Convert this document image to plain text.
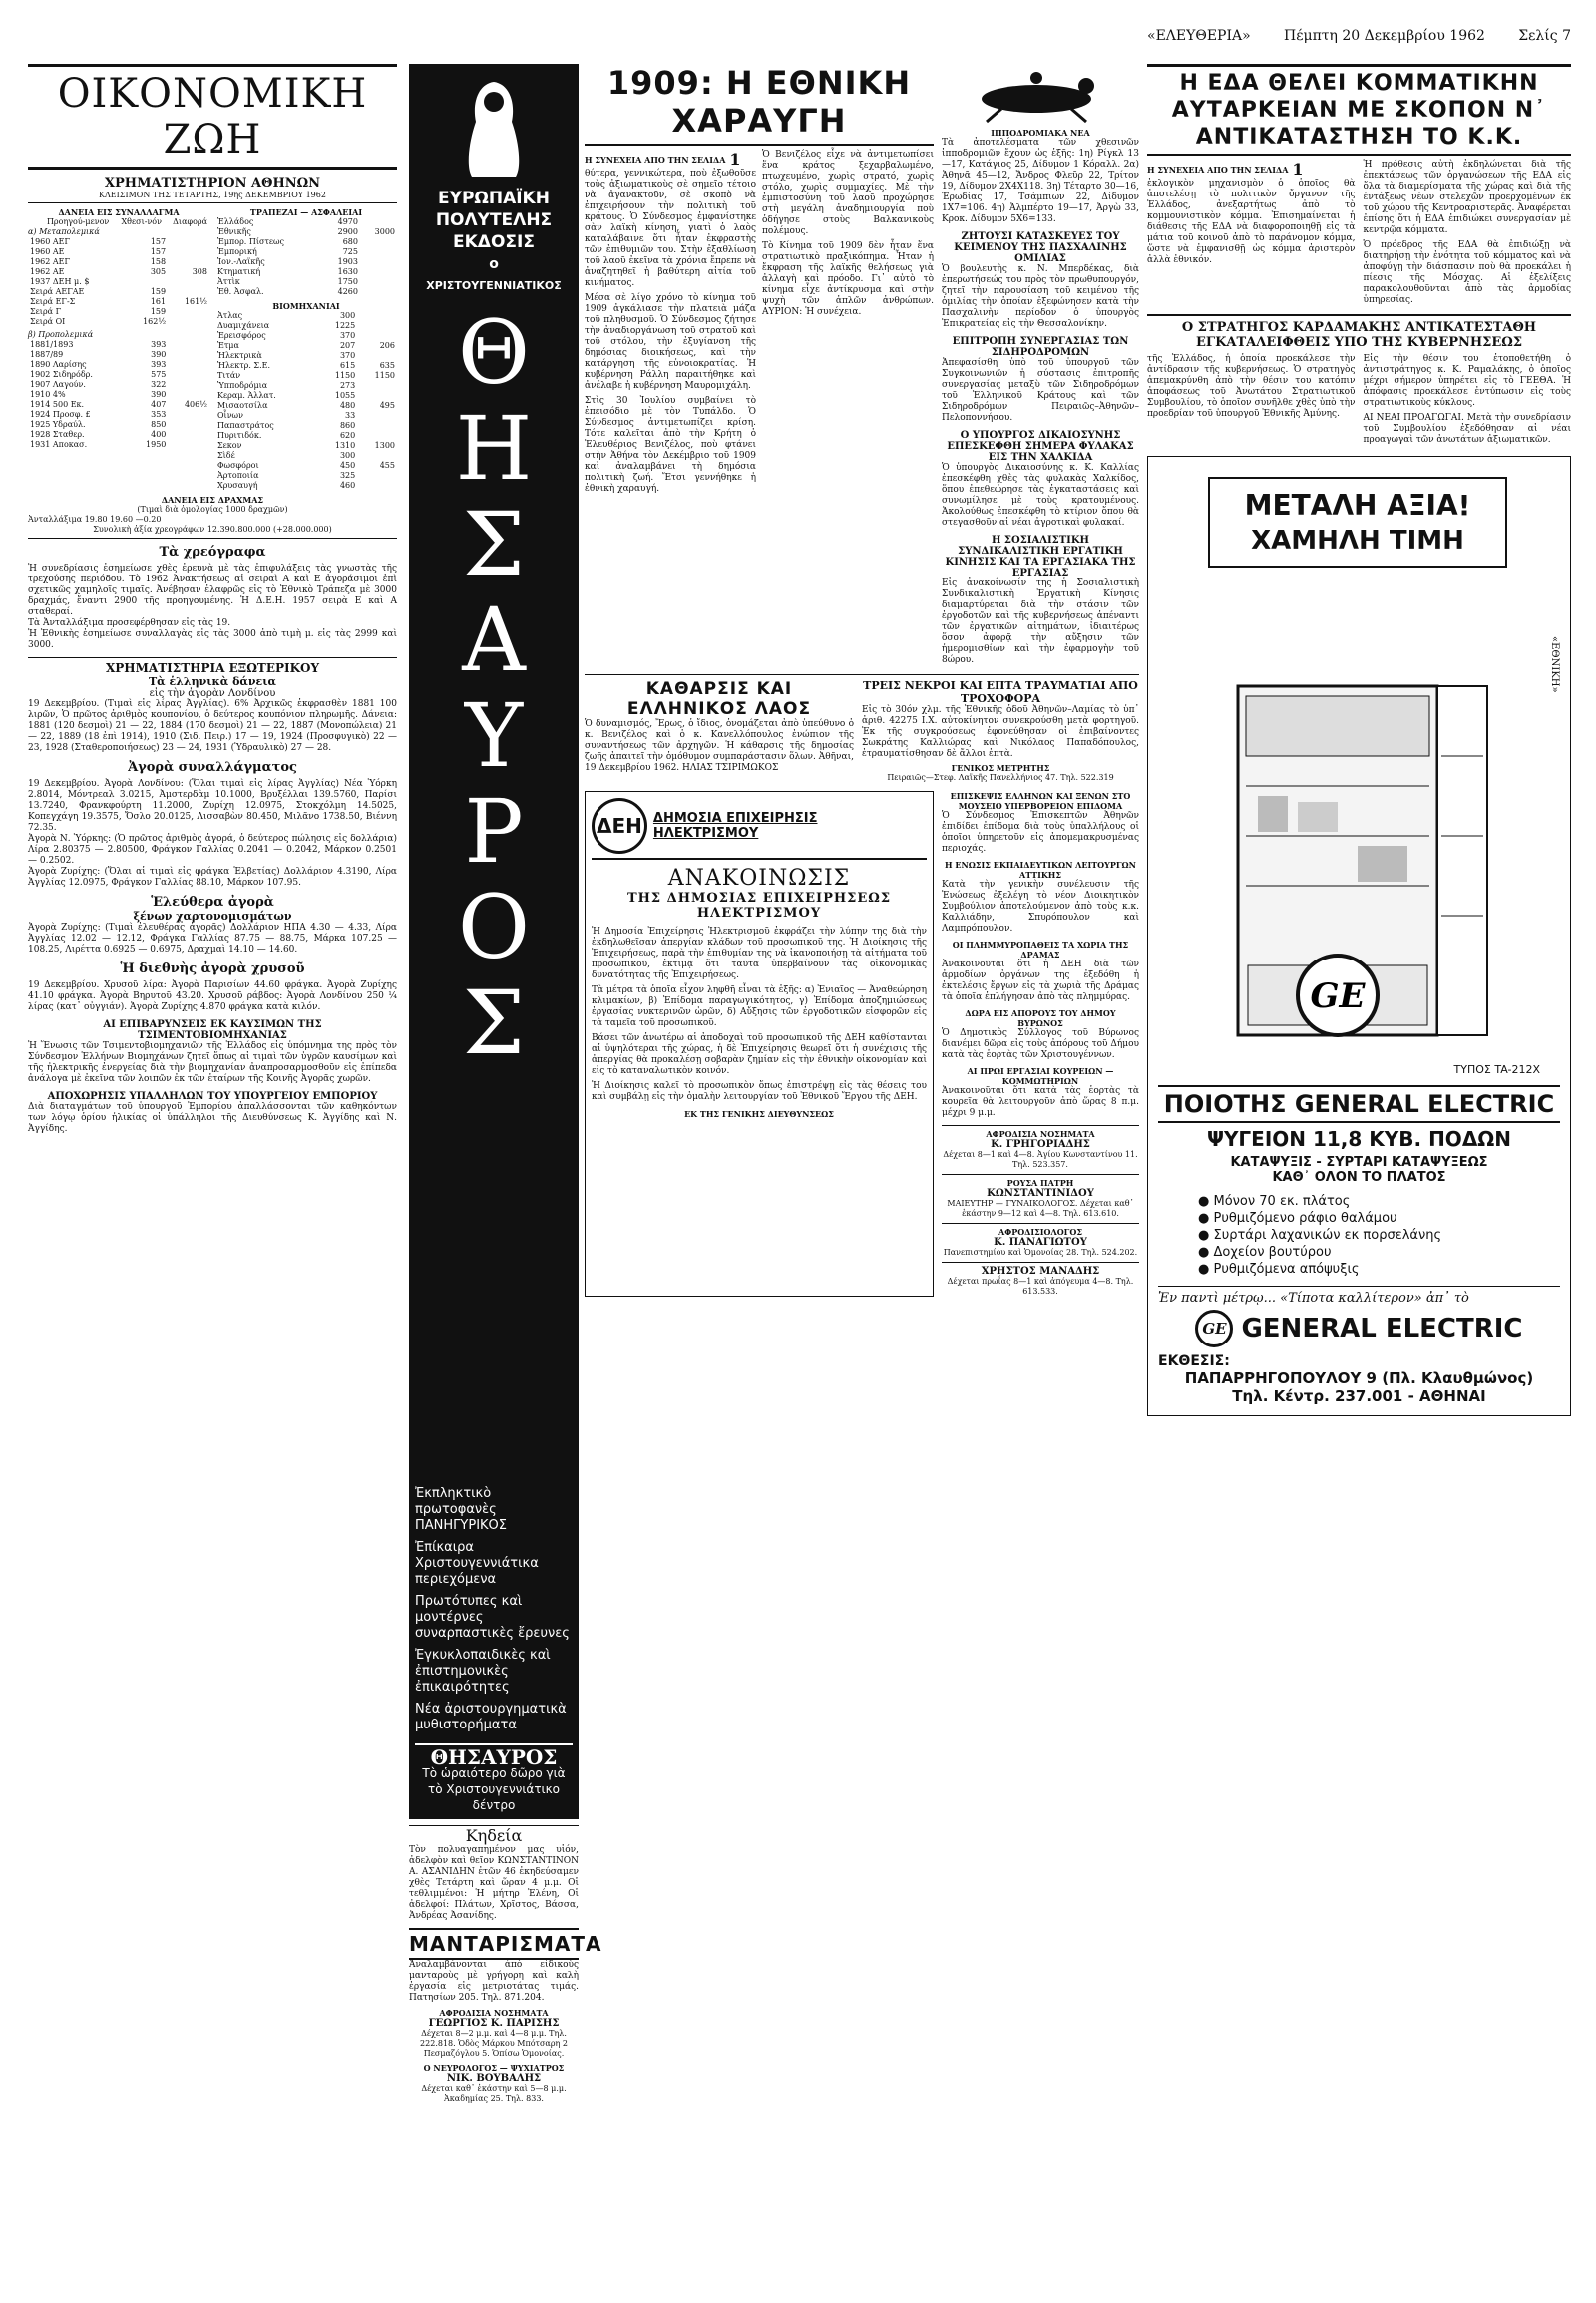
«ΕΛΕΥΘΕΡΙΑ» Πέμπτη 20 Δεκεμβρίου 1962 Σελίς 7
ΟΙΚΟΝΟΜΙΚΗ ΖΩΗ
ΧΡΗΜΑΤΙΣΤΗΡΙΟΝ ΑΘΗΝΩΝ
ΚΛΕΙΣΙΜΟΝ ΤΗΣ ΤΕΤΑΡΤΗΣ, 19ης ΔΕΚΕΜΒΡΙΟΥ 1962
ΔΑΝΕΙΑ ΕΙΣ ΣΥΝΑΛΛΑΓΜΑ
	Προηγού-μενον	Χθεσι-νόν	Διαφορά
α) Μεταπολεμικά
1960 ΑΕΓ	157	
1960 ΑΕ	157	
1962 ΑΕΓ	158	
1962 ΑΕ	305	308
1937 ΔΕΗ μ. $		
Σειρά ΑΕΓΑΕ	159	
Σειρά ΕΓ-Σ	161	161½
Σειρά Γ	159	
Σειρά ΟΙ	162½	
β) Προπολεμικά
1881/1893	393	
1887/89	390	
1890 Λαρίσης	393	
1902 Σιδηρόδρ.	575	
1907 Λαγούν.	322	
1910 4%	390	
1914 500 Εκ.	407	406½
1924 Προσφ. £	353	
1925 Υδραύλ.	850	
1928 Σταθερ.	400	
1931 Αποκασ.	1950	
ΤΡΑΠΕΖΑΙ — ΑΣΦΑΛΕΙΑΙ
Ἑλλάδος	4970	
Ἐθνικῆς	2900	3000
Ἐμπορ. Πίστεως	680	
Ἐμπορική	725	
Ἰον.-Λαϊκῆς	1903	
Κτηματική	1630	
Ἀττὶκ	1750	
Ἐθ. Ἀσφαλ.	4260	
ΒΙΟΜΗΧΑΝΙΑΙ
Ἀτλας	300	
Δυαμιχάνεια	1225	
Ἐρεισφόρος	370	
Ἐτμα	207	206
Ἡλεκτρικὰ	370	
Ἠλεκτρ. Σ.Ε.	615	635
Τιτάν	1150	1150
Ὑπποδρόμια	273	
Κεραμ. Ἀλλατ.	1055	
Μισαοτσίλα	480	495
Οἶνων	33	
Παπαστράτος	860	
Πυριτιδόκ.	620	
Σεκον	1310	1300
Σὶδέ	300	
Φωσφόροι	450	455
Ἀρτοποιία	325	
Χρυσαυγή	460	
ΔΑΝΕΙΑ ΕΙΣ ΔΡΑΧΜΑΣ
(Τιμαὶ διὰ ὁμολογίας 1000 δραχμῶν)
Ἀνταλλάξιμα 19.80 19.60 —0.20
Συνολικὴ ἀξία χρεογράφων 12.390.800.000 (+28.000.000)
Τὰ χρεόγραφα

Ἡ συνεδρίασις ἐσημείωσε χθὲς ἐρευνὰ μὲ τὰς ἐπιφυλάξεις τὰς γνωστὰς τῆς τρεχούσης περιόδου. Τὸ 1962 Ἀνακτήσεως αἱ σειραὶ Α καὶ Ε ἀγοράσιμοι ἐπὶ σχετικῶς χαμηλοῖς τιμαῖς. Ἀνέβησαν ἐλαφρῶς εἰς τὸ Ἐθνικὸ Τράπεζα μὲ 3000 δραχμάς, ἔναντι 2900 τῆς προηγουμένης. Ἡ Δ.Ε.Η. 1957 σειρὰ Ε καὶ Α σταθεραί.

Τὰ Ἀνταλλάξιμα προσεφέρθησαν εἰς τὰς 19.

Ἡ Ἐθνικὴς ἐσημείωσε συναλλαγὰς εἰς τὰς 3000 ἀπὸ τιμὴ μ. εἰς τὰς 2999 καὶ 3000.

ΧΡΗΜΑΤΙΣΤΗΡΙΑ ΕΞΩΤΕΡΙΚΟΥ
Τὰ ἑλληνικὰ δάνεια
εἰς τὴν ἀγορὰν Λονδίνου

19 Δεκεμβρίου. (Τιμαὶ εἰς λίρας Ἀγγλίας). 6% Ἀρχικῶς ἐκφρασθὲν 1881 100 λιρῶν, Ὁ πρῶτος ἀριθμὸς κουπονίου, ὁ δεύτερος κουπόνιον πληρωμῆς. Δάνεια: 1881 (120 δεσμοὶ) 21 — 22, 1884 (170 δεσμοὶ) 21 — 22, 1887 (Μονοπώλεια) 21 — 22, 1889 (18 ἐπὶ 1914), 1910 (Σιδ. Πειρ.) 17 — 19, 1924 (Προσφυγικὸ) 22 — 23, 1928 (Σταθεροποιήσεως) 23 — 24, 1931 (Ὑδραυλικὸ) 27 — 28.

Ἀγορὰ συναλλάγματος

19 Δεκεμβρίου. Ἀγορὰ Λονδίνου: (Ὅλαι τιμαὶ εἰς λίρας Ἀγγλίας) Νέα Ὑόρκη 2.8014, Μόντρεαλ 3.0215, Ἀμστερδὰμ 10.1000, Βρυξέλλαι 139.5760, Παρίσι 13.7240, Φρανκφούρτη 11.2000, Ζυρίχη 12.0975, Στοκχόλμη 14.5025, Κοπεγχάγη 19.3575, Ὄσλο 20.0125, Λισσαβὼν 80.450, Μιλᾶνο 1738.50, Βιέννη 72.35.

Ἀγορὰ Ν. Ὑόρκης: (Ὁ πρῶτος ἀριθμὸς ἀγορά, ὁ δεύτερος πώλησις εἰς δολλάρια) Λίρα 2.80375 — 2.80500, Φράγκον Γαλλίας 0.2041 — 0.2042, Μάρκον 0.2501 — 0.2502.

Ἀγορὰ Ζυρίχης: (Ὅλαι αἱ τιμαὶ εἰς φράγκα Ἑλβετίας) Δολλάριον 4.3190, Λίρα Ἀγγλίας 12.0975, Φράγκον Γαλλίας 88.10, Μάρκον 107.95.

Ἑλεύθερα ἀγορὰ
ξένων χαρτονομισμάτων

Ἀγορὰ Ζυρίχης: (Τιμαὶ ἐλευθέρας ἀγορᾶς) Δολλάριον ΗΠΑ 4.30 — 4.33, Λίρα Ἀγγλίας 12.02 — 12.12, Φράγκα Γαλλίας 87.75 — 88.75, Μάρκα 107.25 — 108.25, Λιρέττα 0.6925 — 0.6975, Δραχμαὶ 14.10 — 14.60.

Ἡ διεθνὴς ἀγορὰ χρυσοῦ

19 Δεκεμβρίου. Χρυσοῦ λίρα: Ἀγορὰ Παρισίων 44.60 φράγκα. Ἀγορὰ Ζυρίχης 41.10 φράγκα. Ἀγορὰ Βηρυτοῦ 43.20. Χρυσοῦ ράβδος: Ἀγορὰ Λονδίνου 250 ¼ λίρας (κατ᾽ οὐγγιάν). Ἀγορὰ Ζυρίχης 4.870 φράγκα κατὰ κιλόν.

ΑΙ ΕΠΙΒΑΡΥΝΣΕΙΣ ΕΚ ΚΑΥΣΙΜΩΝ ΤΗΣ ΤΣΙΜΕΝΤΟΒΙΟΜΗΧΑΝΙΑΣ

Ἡ Ἕνωσις τῶν Τσιμεντοβιομηχανιῶν τῆς Ἑλλάδος εἰς ὑπόμνημα της πρὸς τὸν Σύνδεσμον Ἑλλήνων Βιομηχάνων ζητεῖ ὅπως αἱ τιμαὶ τῶν ὑγρῶν καυσίμων καὶ τῆς ἠλεκτρικῆς ἐνεργείας διὰ τὴν βιομηχανίαν ἀναπροσαρμοσθοῦν εἰς ἐπίπεδα ἀνάλογα μὲ ἐκεῖνα τῶν λοιπῶν ἐκ τῶν ἑταίρων τῆς Κοινῆς Ἀγορᾶς χωρῶν.

ΑΠΟΧΩΡΗΣΙΣ ΥΠΑΛΛΗΛΩΝ ΤΟΥ ΥΠΟΥΡΓΕΙΟΥ ΕΜΠΟΡΙΟΥ

Διὰ διαταγμάτων τοῦ ὑπουργοῦ Ἐμπορίου ἀπαλλάσσονται τῶν καθηκόντων των λόγῳ ὁρίου ἡλικίας οἱ ὑπάλληλοι τῆς Διευθύνσεως Κ. Ἀγγίδης καὶ Ν. Ἀγγίδης.

ΕΥΡΩΠΑΪΚΗ
ΠΟΛΥΤΕΛΗΣ
ΕΚΔΟΣΙΣ
ο
ΧΡΙΣΤΟΥΓΕΝΝΙΑΤΙΚΟΣ
Θ
Η
Σ
Α
Υ
Ρ
Ο
Σ
Ἐκπληκτικὸ πρωτοφανὲς ΠΑΝΗΓΥΡΙΚΟΣ
Ἐπίκαιρα Χριστουγεννιάτικα περιεχόμενα
Πρωτότυπες καὶ μοντέρνες συναρπαστικὲς ἔρευνες
Ἐγκυκλοπαιδικὲς καὶ ἐπιστημονικὲς ἐπικαιρότητες
Νέα ἀριστουργηματικὰ μυθιστορήματα
ΘΗΣΑΥΡΟΣ
Τὸ ὡραιότερο δῶρο γιὰ τὸ Χριστουγεννιάτικο δέντρο
Κηδεία

Τὸν πολυαγαπημένον μας υἱόν, ἀδελφὸν καὶ θεῖον ΚΩΝΣΤΑΝΤΙΝΟΝ Α. ΑΣΑΝΙΔΗΝ ἐτῶν 46 ἐκηδεύσαμεν χθὲς Τετάρτη καὶ ὥραν 4 μ.μ. Οἱ τεθλιμμένοι: Ἡ μήτηρ Ἐλένη, Οἱ ἀδελφοί: Πλάτων, Χρῖστος, Βάσσα, Ἀνδρέας Ἀσανίδης.

ΜΑΝΤΑΡΙΣΜΑΤΑ

Ἀναλαμβάνονται ἀπὸ εἰδικοὺς μανταροὺς μὲ γρήγορη καὶ καλὴ ἐργασία εἰς μετριοτάτας τιμάς. Πατησίων 205. Τηλ. 871.204.

ΑΦΡΟΔΙΣΙΑ ΝΟΣΗΜΑΤΑ
ΓΕΩΡΓΙΟΣ Κ. ΠΑΡΙΣΗΣ

Δέχεται 8—2 μ.μ. καὶ 4—8 μ.μ. Τηλ. 222.818. Ὁδὸς Μάρκου Μπότσαρη 2 Πεσμαζόγλου 5. Ὁπίσω Ὁμονοίας.

Ο ΝΕΥΡΟΛΟΓΟΣ — ΨΥΧΙΑΤΡΟΣ
ΝΙΚ. ΒΟΥΒΑΛΗΣ

Δέχεται καθ᾽ ἑκάστην καὶ 5—8 μ.μ. Ἀκαδημίας 25. Τηλ. 833.

1909: Η ΕΘΝΙΚΗ ΧΑΡΑΥΓΗ
Η ΣΥΝΕΧΕΙΑ ΑΠΟ ΤΗΝ ΣΕΛΙΔΑ 1

θύτερα, γεννικώτερα, ποὺ ἐξωθοῦσε τοὺς ἀξιωματικοὺς σὲ σημεῖο τέτοιο νὰ ἀγανακτοῦν, σὲ σκοπὸ νὰ ἐπιχειρήσουν τὴν πολιτικὴ τοῦ κράτους. Ὁ Σύνδεσμος ἐμφανίστηκε σὰν λαϊκὴ κίνηση, γιατὶ ὁ λαὸς καταλάβαινε ὅτι ἦταν ἐκφραστὴς τῶν ἐπιθυμιῶν του. Στὴν ἐξαθλίωση τοῦ λαοῦ ἐκεῖνα τὰ χρόνια ἔπρεπε νὰ ἀναζητηθεῖ ἡ βαθύτερη αἰτία τοῦ κινήματος.

Μέσα σὲ λίγο χρόνο τὸ κίνημα τοῦ 1909 ἀγκάλιασε τὴν πλατειὰ μάζα τοῦ πληθυσμοῦ. Ὁ Σύνδεσμος ζήτησε τὴν ἀναδιοργάνωση τοῦ στρατοῦ καὶ τοῦ στόλου, τὴν ἐξυγίανση τῆς δημόσιας διοικήσεως, καὶ τὴν κατάργηση τῆς εὐνοιοκρατίας. Ἡ κυβέρνηση Ράλλη παραιτήθηκε καὶ ἀνέλαβε ἡ κυβέρνηση Μαυρομιχάλη.

Στὶς 30 Ἰουλίου συμβαίνει τὸ ἐπεισόδιο μὲ τὸν Τυπάλδο. Ὁ Σύνδεσμος ἀντιμετωπίζει κρίση. Τότε καλεῖται ἀπὸ τὴν Κρήτη ὁ Ἐλευθέριος Βενιζέλος, ποὺ φτάνει στὴν Ἀθήνα τὸν Δεκέμβριο τοῦ 1909 καὶ ἀναλαμβάνει τὴ δημόσια πολιτικὴ ζωή. Ἔτσι γεννήθηκε ἡ ἐθνικὴ χαραυγή.

Ὁ Βενιζέλος εἶχε νὰ ἀντιμετωπίσει ἕνα κράτος ξεχαρβαλωμένο, πτωχευμένο, χωρὶς στρατό, χωρὶς στόλο, χωρὶς συμμαχίες. Μὲ τὴν ἐμπιστοσύνη τοῦ λαοῦ προχώρησε στὴ μεγάλη ἀναδημιουργία ποὺ ὁδήγησε στοὺς Βαλκανικοὺς πολέμους.

Τὸ Κίνημα τοῦ 1909 δὲν ἦταν ἕνα στρατιωτικὸ πραξικόπημα. Ἦταν ἡ ἔκφραση τῆς λαϊκῆς θελήσεως γιὰ ἀλλαγὴ καὶ πρόοδο. Γι᾽ αὐτὸ τὸ κίνημα εἶχε ἀντίκρυσμα καὶ στὴν ψυχὴ τῶν ἀπλῶν ἀνθρώπων. ΑΥΡΙΟΝ: Ἡ συνέχεια.

ΙΠΠΟΔΡΟΜΙΑΚΑ ΝΕΑ

Τὰ ἀποτελέσματα τῶν χθεσινῶν ἱπποδρομιῶν ἔχουν ὡς ἑξῆς: 1η) Ρίγκλ 13—17, Κατάγιος 25, Δίδυμον 1 Κόραλλ. 2α) Ἀθηνᾶ 45—12, Ἄνδρος Φλεῦρ 22, Τρίτον 19, Δίδυμον 2Χ4Χ118. 3η) Τέταρτο 30—16, Ἐρωδίας 17, Τσάμπιων 22, Δίδυμον 1Χ7=106. 4η) Ἀλμπέρτο 19—17, Ἀργὼ 33, Κροκ. Δίδυμον 5Χ6=133.

ΖΗΤΟΥΣΙ ΚΑΤΑΣΚΕΥΕΣ ΤΟΥ ΚΕΙΜΕΝΟΥ ΤΗΣ ΠΑΣΧΑΛΙΝΗΣ ΟΜΙΛΙΑΣ

Ὁ βουλευτὴς κ. Ν. Μπερδέκας, διὰ ἐπερωτήσεώς του πρὸς τὸν πρωθυπουργόν, ζητεῖ τὴν παρουσίαση τοῦ κειμένου τῆς ὁμιλίας τὴν ὁποίαν ἐξεφώνησεν κατὰ τὴν Πασχαλινὴν περίοδον ὁ ὑπουργὸς Ἐπικρατείας εἰς τὴν Θεσσαλονίκην.

ΕΠΙΤΡΟΠΗ ΣΥΝΕΡΓΑΣΙΑΣ ΤΩΝ ΣΙΔΗΡΟΔΡΟΜΩΝ

Ἀπεφασίσθη ὑπὸ τοῦ ὑπουργοῦ τῶν Συγκοινωνιῶν ἡ σύστασις ἐπιτροπῆς συνεργασίας μεταξὺ τῶν Σιδηροδρόμων τοῦ Ἑλληνικοῦ Κράτους καὶ τῶν Σιδηροδρόμων Πειραιῶς–Ἀθηνῶν–Πελοποννήσου.

Ο ΥΠΟΥΡΓΟΣ ΔΙΚΑΙΟΣΥΝΗΣ ΕΠΕΣΚΕΦΘΗ ΣΗΜΕΡΑ ΦΥΛΑΚΑΣ ΕΙΣ ΤΗΝ ΧΑΛΚΙΔΑ

Ὁ ὑπουργὸς Δικαιοσύνης κ. Κ. Καλλίας ἐπεσκέφθη χθὲς τὰς φυλακὰς Χαλκίδος, ὅπου ἐπεθεώρησε τὰς ἐγκαταστάσεις καὶ συνωμίλησε μὲ τοὺς κρατουμένους. Ἀκολούθως ἐπεσκέφθη τὸ κτίριον ὅπου θὰ στεγασθοῦν αἱ νέαι ἀγροτικαὶ φυλακαί.

Η ΣΟΣΙΑΛΙΣΤΙΚΗ ΣΥΝΔΙΚΑΛΙΣΤΙΚΗ ΕΡΓΑΤΙΚΗ ΚΙΝΗΣΙΣ ΚΑΙ ΤΑ ΕΡΓΑΣΙΑΚΑ ΤΗΣ ΕΡΓΑΣΙΑΣ

Εἰς ἀνακοίνωσίν της ἡ Σοσιαλιστικὴ Συνδικαλιστικὴ Ἐργατικὴ Κίνησις διαμαρτύρεται διὰ τὴν στάσιν τῶν ἐργοδοτῶν καὶ τῆς κυβερνήσεως ἀπέναντι τῶν ἐργατικῶν αἰτημάτων, ἰδιαιτέρως ὅσον ἀφορᾷ τὴν αὔξησιν τῶν ἡμερομισθίων καὶ τὴν ἐφαρμογὴν τοῦ 8ώρου.

ΚΑΘΑΡΣΙΣ ΚΑΙ ΕΛΛΗΝΙΚΟΣ ΛΑΟΣ

Ὁ δυναμισμός, Ἔρως, ὁ ἴδιος, ὀνομάζεται ἀπὸ ὑπεύθυνο ὁ κ. Βενιζέλος καὶ ὁ κ. Κανελλόπουλος ἐνώπιον τῆς συναντήσεως τῶν ἀρχηγῶν. Ἡ κάθαρσις τῆς δημοσίας ζωῆς ἀπαιτεῖ τὴν ὁμόθυμον συμπαράστασιν ὅλων. Ἀθῆναι, 19 Δεκεμβρίου 1962. ΗΛΙΑΣ ΤΣΙΡΙΜΩΚΟΣ

ΤΡΕΙΣ ΝΕΚΡΟΙ ΚΑΙ ΕΠΤΑ ΤΡΑΥΜΑΤΙΑΙ ΑΠΟ ΤΡΟΧΟΦΟΡΑ

Εἰς τὸ 30όν χλμ. τῆς Ἐθνικῆς ὁδοῦ Ἀθηνῶν–Λαμίας τὸ ὑπ᾽ ἀριθ. 42275 Ι.Χ. αὐτοκίνητον συνεκρούσθη μετὰ φορτηγοῦ. Ἐκ τῆς συγκρούσεως ἐφονεύθησαν οἱ ἐπιβαίνοντες Σωκράτης Καλλιώρας καὶ Νικόλαος Παπαδόπουλος, ἐτραυματίσθησαν δὲ ἄλλοι ἑπτὰ.

ΓΕΝΙΚΟΣ ΜΕΤΡΗΤΗΣ
Πειραιῶς—Στεφ. Λαϊκῆς Πανελλήνιος 47. Τηλ. 522.319
ΔΕΗ ΔΗΜΟΣΙΑ ΕΠΙΧΕΙΡΗΣΙΣ ΗΛΕΚΤΡΙΣΜΟΥ
ΑΝΑΚΟΙΝΩΣΙΣ
ΤΗΣ ΔΗΜΟΣΙΑΣ ΕΠΙΧΕΙΡΗΣΕΩΣ ΗΛΕΚΤΡΙΣΜΟΥ

Ἡ Δημοσία Ἐπιχείρησις Ἠλεκτρισμοῦ ἐκφράζει τὴν λύπην της διὰ τὴν ἐκδηλωθεῖσαν ἀπεργίαν κλάδων τοῦ προσωπικοῦ της. Ἡ Διοίκησις τῆς Ἐπιχειρήσεως, παρὰ τὴν ἐπιθυμίαν της νὰ ἱκανοποιήσῃ τὰ αἰτήματα τοῦ προσωπικοῦ, ἐκτιμᾷ ὅτι ταῦτα ὑπερβαίνουν τὰς οἰκονομικὰς δυνατότητας τῆς Ἐπιχειρήσεως.

Τὰ μέτρα τὰ ὁποῖα εἶχον ληφθῆ εἶναι τὰ ἑξῆς: α) Ἐνιαῖος — Ἀναθεώρηση κλιμακίων, β) Ἐπίδομα παραγωγικότητος, γ) Ἐπίδομα ἀποζημιώσεως ἐργασίας νυκτερινῶν ὡρῶν, δ) Αὔξησις τῶν ἐργοδοτικῶν εἰσφορῶν εἰς τὰ ταμεῖα τοῦ προσωπικοῦ.

Βάσει τῶν ἀνωτέρω αἱ ἀποδοχαὶ τοῦ προσωπικοῦ τῆς ΔΕΗ καθίστανται αἱ ὑψηλότεραι τῆς χώρας, ἡ δὲ Ἐπιχείρησις θεωρεῖ ὅτι ἡ συνέχισις τῆς ἀπεργίας θὰ προκαλέσῃ σοβαρὰν ζημίαν εἰς τὴν ἐθνικὴν οἰκονομίαν καὶ εἰς τὸ καταναλωτικὸν κοινόν.

Ἡ Διοίκησις καλεῖ τὸ προσωπικὸν ὅπως ἐπιστρέψῃ εἰς τὰς θέσεις του καὶ συμβάλῃ εἰς τὴν ὁμαλὴν λειτουργίαν τοῦ Ἐθνικοῦ Ἔργου τῆς ΔΕΗ.

ΕΚ ΤΗΣ ΓΕΝΙΚΗΣ ΔΙΕΥΘΥΝΣΕΩΣ
ΕΠΙΣΚΕΨΙΣ ΕΛΛΗΝΩΝ ΚΑΙ ΞΕΝΩΝ ΣΤΟ ΜΟΥΣΕΙΟ ΥΠΕΡΒΟΡΕΙΟΝ ΕΠΙΔΟΜΑ

Ὁ Σύνδεσμος Ἐπισκεπτῶν Ἀθηνῶν ἐπιδίδει ἐπίδομα διὰ τοὺς ὑπαλλήλους οἱ ὁποῖοι ὑπηρετοῦν εἰς ἀπομεμακρυσμένας περιοχάς.

Η ΕΝΩΣΙΣ ΕΚΠΑΙΔΕΥΤΙΚΩΝ ΛΕΙΤΟΥΡΓΩΝ ΑΤΤΙΚΗΣ

Κατὰ τὴν γενικὴν συνέλευσιν τῆς Ἑνώσεως ἐξελέγη τὸ νέον Διοικητικὸν Συμβούλιον ἀποτελούμενον ἀπὸ τοὺς κ.κ. Καλλιάδην, Σπυρόπουλον καὶ Λαμπρόπουλον.

ΟΙ ΠΛΗΜΜΥΡΟΠΑΘΕΙΣ ΤΑ ΧΩΡΙΑ ΤΗΣ ΔΡΑΜΑΣ

Ἀνακοινοῦται ὅτι ἡ ΔΕΗ διὰ τῶν ἀρμοδίων ὀργάνων της ἐξεδόθη ἡ ἐκτελέσις ἔργων εἰς τὰ χωριὰ τῆς Δράμας τὰ ὁποῖα ἐπλήγησαν ἀπὸ τὰς πλημμύρας.

ΔΩΡΑ ΕΙΣ ΑΠΟΡΟΥΣ ΤΟΥ ΔΗΜΟΥ ΒΥΡΩΝΟΣ

Ὁ Δημοτικὸς Σύλλογος τοῦ Βύρωνος διανέμει δῶρα εἰς τοὺς ἀπόρους τοῦ Δήμου κατὰ τὰς ἑορτὰς τῶν Χριστουγέννων.

ΑΙ ΠΡΩΙ ΕΡΓΑΣΙΑΙ ΚΟΥΡΕΙΩΝ — ΚΟΜΜΩΤΗΡΙΩΝ

Ἀνακοινοῦται ὅτι κατὰ τὰς ἑορτὰς τὰ κουρεῖα θὰ λειτουργοῦν ἀπὸ ὥρας 8 π.μ. μέχρι 9 μ.μ.

ΑΦΡΟΔΙΣΙΑ ΝΟΣΗΜΑΤΑ
Κ. ΓΡΗΓΟΡΙΑΔΗΣ

Δέχεται 8—1 καὶ 4—8. Ἀγίου Κωνσταντίνου 11. Τηλ. 523.357.

ΡΟΥΣΑ ΠΑΤΡΗ
ΚΩΝΣΤΑΝΤΙΝΙΔΟΥ

ΜΑΙΕΥΤΗΡ — ΓΥΝΑΙΚΟΛΟΓΟΣ. Δέχεται καθ᾽ ἑκάστην 9—12 καὶ 4—8. Τηλ. 613.610.

ΑΦΡΟΔΙΣΙΟΛΟΓΟΣ
Κ. ΠΑΝΑΓΙΩΤΟΥ

Πανεπιστημίου καὶ Ὁμονοίας 28. Τηλ. 524.202.

ΧΡΗΣΤΟΣ ΜΑΝΑΔΗΣ

Δέχεται πρωΐας 8—1 καὶ ἀπόγευμα 4—8. Τηλ. 613.533.

Η ΕΔΑ ΘΕΛΕΙ ΚΟΜΜΑΤΙΚΗΝ ΑΥΤΑΡΚΕΙΑΝ ΜΕ ΣΚΟΠΟΝ Ν᾽ ΑΝΤΙΚΑΤΑΣΤΗΣΗ ΤΟ Κ.Κ.
Η ΣΥΝΕΧΕΙΑ ΑΠΟ ΤΗΝ ΣΕΛΙΔΑ 1

ἐκλογικὸν μηχανισμὸν ὁ ὁποῖος θὰ ἀποτελέσῃ τὸ πολιτικὸν ὄργανον τῆς Ἑλλάδος, ἀνεξαρτήτως ἀπὸ τὸ κομμουνιστικὸν κόμμα. Ἐπισημαίνεται ἡ διάθεσις τῆς ΕΔΑ νὰ διαφοροποιηθῇ εἰς τὰ μάτια τοῦ κοινοῦ ἀπὸ τὸ παράνομον κόμμα, ὥστε νὰ ἐμφανισθῇ ὡς κόμμα ἀριστερὸν ἀλλὰ ἐθνικόν.

Ἡ πρόθεσις αὐτὴ ἐκδηλώνεται διὰ τῆς ἐπεκτάσεως τῶν ὀργανώσεων τῆς ΕΔΑ εἰς ὅλα τὰ διαμερίσματα τῆς χώρας καὶ διὰ τῆς ἐντάξεως νέων στελεχῶν προερχομένων ἐκ τοῦ χώρου τῆς Κεντροαριστερᾶς. Ἀναφέρεται ἐπίσης ὅτι ἡ ΕΔΑ ἐπιδιώκει συνεργασίαν μὲ κεντρῷα κόμματα.

Ὁ πρόεδρος τῆς ΕΔΑ θὰ ἐπιδιώξῃ νὰ διατηρήσῃ τὴν ἑνότητα τοῦ κόμματος καὶ νὰ ἀποφύγῃ τὴν διάσπασιν ποὺ θὰ προεκάλει ἡ πίεσις τῆς Μόσχας. Αἱ ἐξελίξεις παρακολουθοῦνται ἀπὸ τὰς ἀρμοδίας ὑπηρεσίας.

Ο ΣΤΡΑΤΗΓΟΣ ΚΑΡΔΑΜΑΚΗΣ ΑΝΤΙΚΑΤΕΣΤΑΘΗ ΕΓΚΑΤΑΛΕΙΦΘΕΙΣ ΥΠΟ ΤΗΣ ΚΥΒΕΡΝΗΣΕΩΣ

τῆς Ἑλλάδος, ἡ ὁποία προεκάλεσε τὴν ἀντίδρασιν τῆς κυβερνήσεως. Ὁ στρατηγὸς ἀπεμακρύνθη ἀπὸ τὴν θέσιν του κατόπιν ἀποφάσεως τοῦ Ἀνωτάτου Στρατιωτικοῦ Συμβουλίου, τὸ ὁποῖον συνῆλθε χθὲς ὑπὸ τὴν προεδρίαν τοῦ ὑπουργοῦ Ἐθνικῆς Ἀμύνης.

Εἰς τὴν θέσιν του ἐτοποθετήθη ὁ ἀντιστράτηγος κ. Κ. Ραμαλάκης, ὁ ὁποῖος μέχρι σήμερον ὑπηρέτει εἰς τὸ ΓΕΕΘΑ. Ἡ ἀπόφασις προεκάλεσε ἐντύπωσιν εἰς τοὺς στρατιωτικοὺς κύκλους.

ΑΙ ΝΕΑΙ ΠΡΟΑΓΩΓΑΙ. Μετὰ τὴν συνεδρίασιν τοῦ Συμβουλίου ἐξεδόθησαν αἱ νέαι προαγωγαὶ τῶν ἀνωτάτων ἀξιωματικῶν.

ΜΕΤΑΛΗ ΑΞΙΑ!
ΧΑΜΗΛΗ ΤΙΜΗ
«ΕΘΝΙΚΗ»
GE
ΤΥΠΟΣ TA-212X
ΠΟΙΟΤΗΣ GENERAL ELECTRIC
ΨΥΓΕΙΟΝ 11,8 ΚΥΒ. ΠΟΔΩΝ
ΚΑΤΑΨΥΞΙΣ - ΣΥΡΤΑΡΙ ΚΑΤΑΨΥΞΕΩΣ
ΚΑΘ᾽ ΟΛΟΝ ΤΟ ΠΛΑΤΟΣ
● Μόνον 70 εκ. πλάτος
● Ρυθμιζόμενο ράφιο θαλάμου
● Συρτάρι λαχανικών εκ πορσελάνης
● Δοχείον βουτύρου
● Ρυθμιζόμενα απόψυξις
Ἐν παντὶ μέτρῳ... «Τίποτα καλλίτερον» ἀπ᾽ τὸ
GE GENERAL ELECTRIC
ΕΚΘΕΣΙΣ:
ΠΑΠΑΡΡΗΓΟΠΟΥΛΟΥ 9 (Πλ. Κλαυθμώνος)
Τηλ. Κέντρ. 237.001 - ΑΘΗΝΑΙ
